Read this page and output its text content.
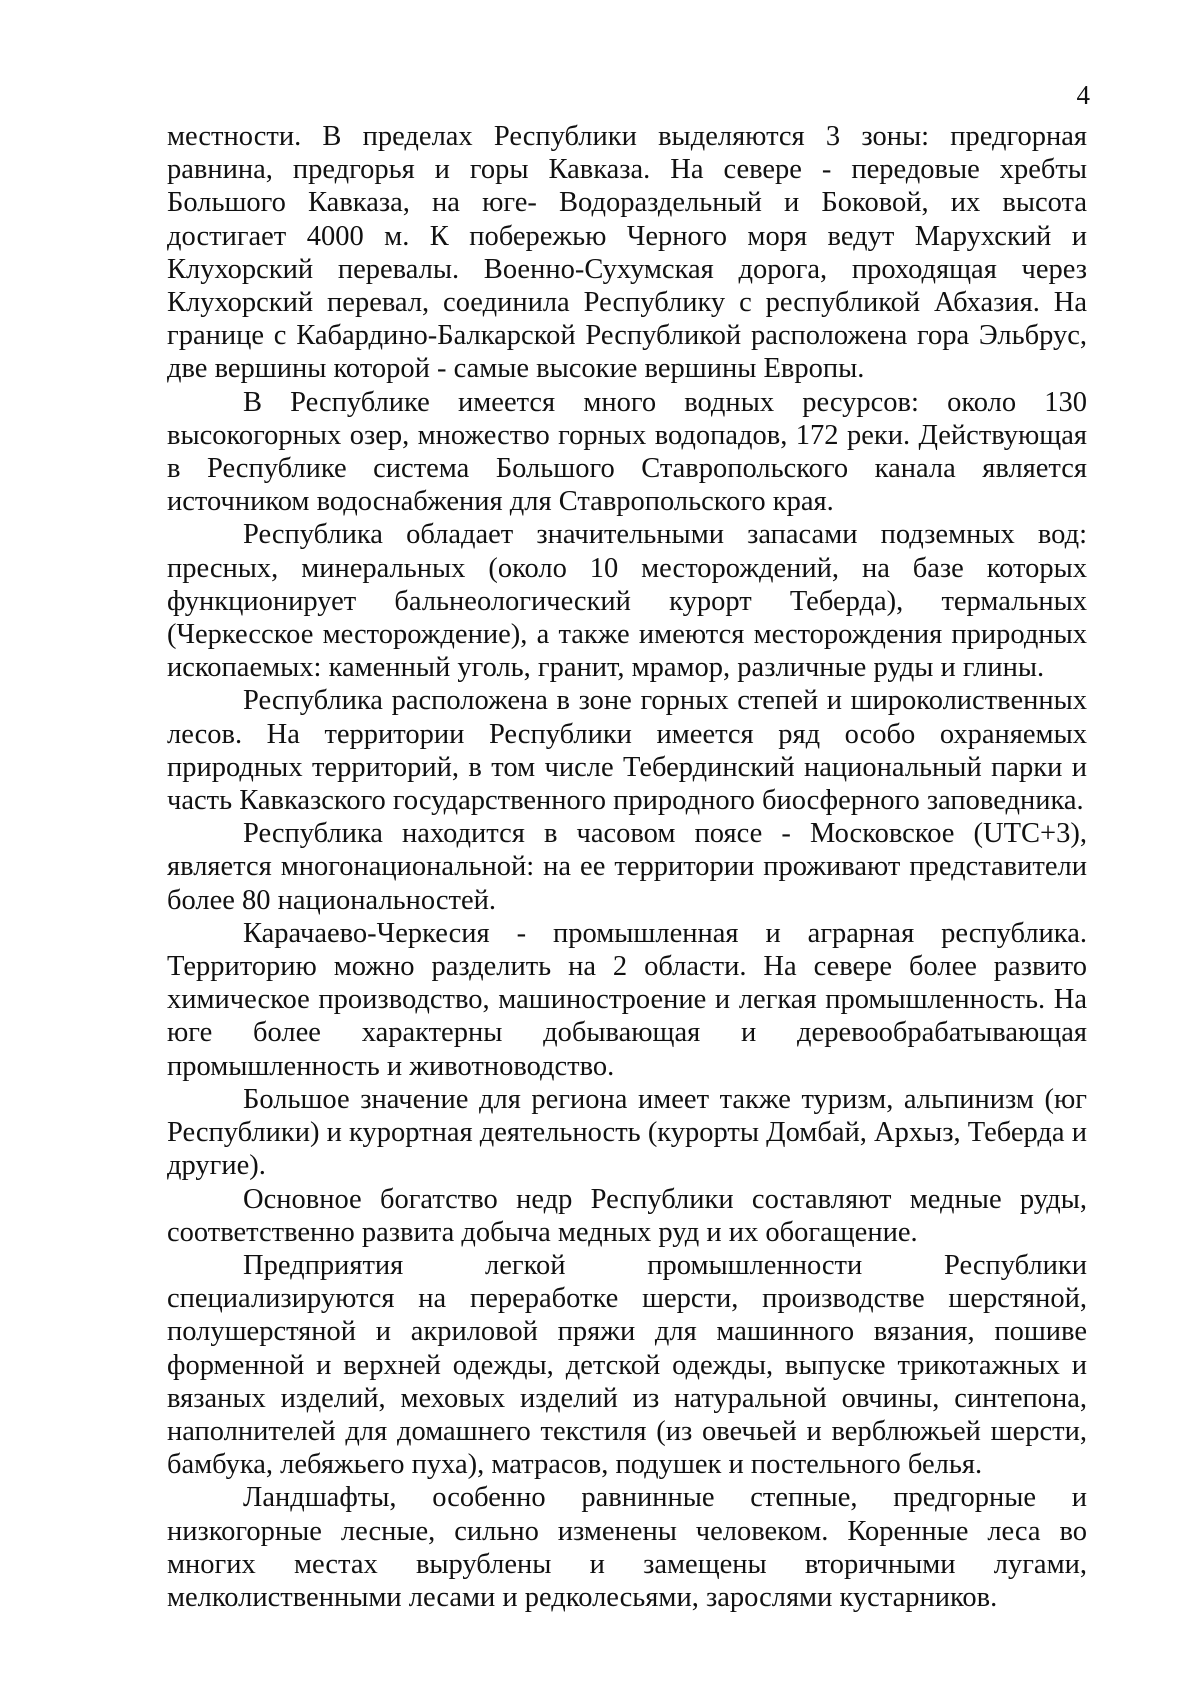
4

местности. В пределах Республики выделяются 3 зоны: предгорная равнина, предгорья и горы Кавказа. На севере - передовые хребты Большого Кавказа, на юге- Водораздельный и Боковой, их высота достигает 4000 м. К побережью Черного моря ведут Марухский и Клухорский перевалы. Военно-Сухумская дорога, проходящая через Клухорский перевал, соединила Республику с республикой Абхазия. На границе с Кабардино-Балкарской Республикой расположена гора Эльбрус, две вершины которой - самые высокие вершины Европы.

В Республике имеется много водных ресурсов: около 130 высокогорных озер, множество горных водопадов, 172 реки. Действующая в Республике система Большого Ставропольского канала является источником водоснабжения для Ставропольского края.

Республика обладает значительными запасами подземных вод: пресных, минеральных (около 10 месторождений, на базе которых функционирует бальнеологический курорт Теберда), термальных (Черкесское месторождение), а также имеются месторождения природных ископаемых: каменный уголь, гранит, мрамор, различные руды и глины.

Республика расположена в зоне горных степей и широколиственных лесов. На территории Республики имеется ряд особо охраняемых природных территорий, в том числе Тебердинский национальный парки и часть Кавказского государственного природного биосферного заповедника.

Республика находится в часовом поясе - Московское (UTC+3), является многонациональной: на ее территории проживают представители более 80 национальностей.

Карачаево-Черкесия - промышленная и аграрная республика. Территорию можно разделить на 2 области. На севере более развито химическое производство, машиностроение и легкая промышленность. На юге более характерны добывающая и деревообрабатывающая промышленность и животноводство.

Большое значение для региона имеет также туризм, альпинизм (юг Республики) и курортная деятельность (курорты Домбай, Архыз, Теберда и другие).

Основное богатство недр Республики составляют медные руды, соответственно развита добыча медных руд и их обогащение.

Предприятия легкой промышленности Республики специализируются на переработке шерсти, производстве шерстяной, полушерстяной и акриловой пряжи для машинного вязания, пошиве форменной и верхней одежды, детской одежды, выпуске трикотажных и вязаных изделий, меховых изделий из натуральной овчины, синтепона, наполнителей для домашнего текстиля (из овечьей и верблюжьей шерсти, бамбука, лебяжьего пуха), матрасов, подушек и постельного белья.

Ландшафты, особенно равнинные степные, предгорные и низкогорные лесные, сильно изменены человеком. Коренные леса во многих местах вырублены и замещены вторичными лугами, мелколиственными лесами и редколесьями, зарослями кустарников.
